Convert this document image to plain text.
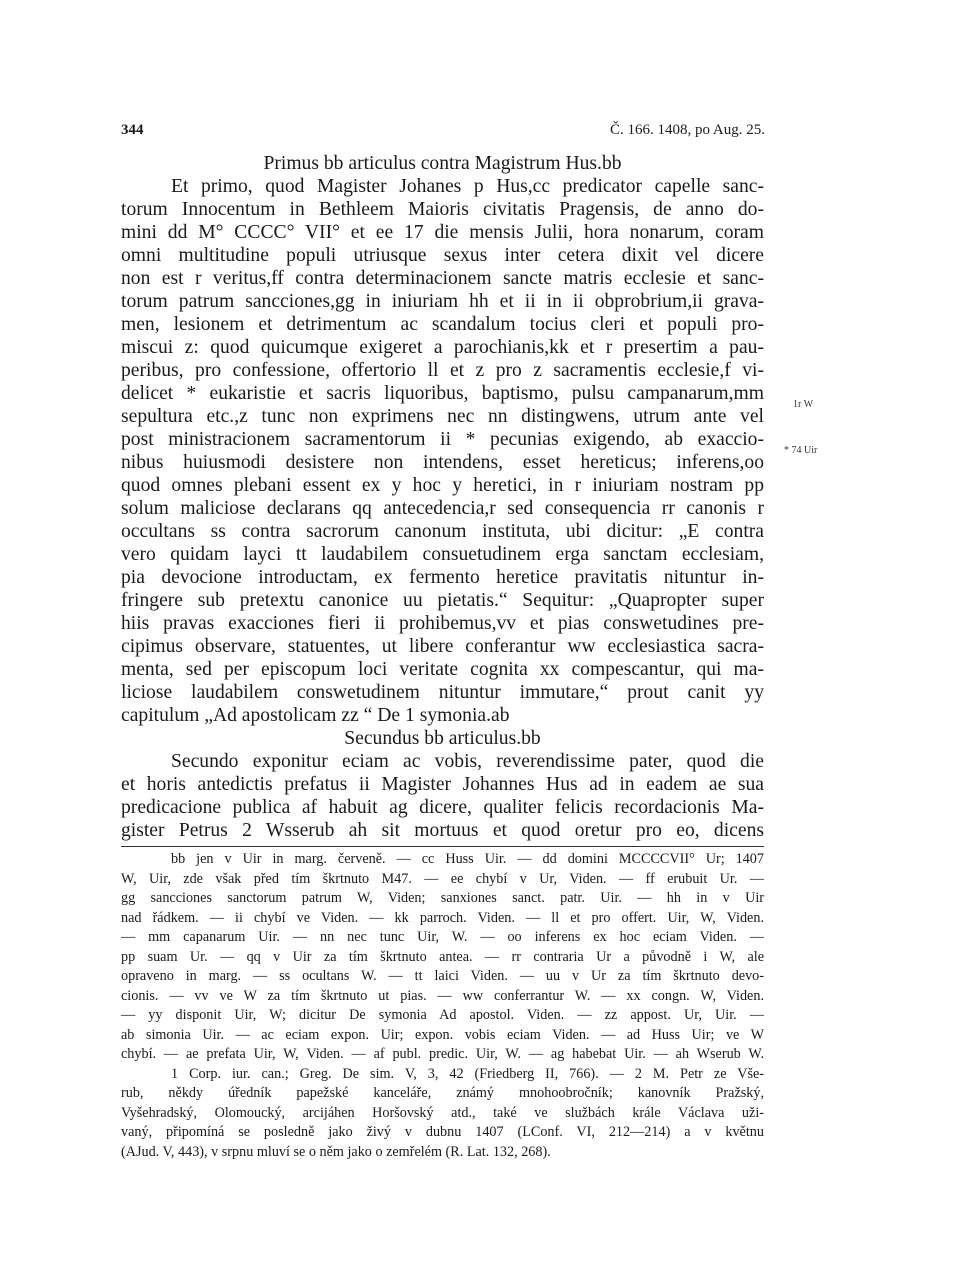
344	Č. 166. 1408, po Aug. 25.
Primus bb articulus contra Magistrum Hus.bb
Et primo, quod Magister Johanes p Hus,cc predicator capelle sanc-
torum Innocentum in Bethleem Maioris civitatis Pragensis, de anno do-
mini dd M° CCCC° VII° et ee 17 die mensis Julii, hora nonarum, coram
omni multitudine populi utriusque sexus inter cetera dixit vel dicere
non est r veritus,ff contra determinacionem sancte matris ecclesie et sanc-
torum patrum sancciones,gg in iniuriam hh et ii in ii obprobrium,ii grava-
men, lesionem et detrimentum ac scandalum tocius cleri et populi pro-
miscui z: quod quicumque exigeret a parochianis,kk et r presertim a pau-
peribus, pro confessione, offertorio ll et z pro z sacramentis ecclesie,f vi-
delicet * eukaristie et sacris liquoribus, baptismo, pulsu campanarum,mm
sepultura etc.,z tunc non exprimens nec nn distingwens, utrum ante vel
post ministracionem sacramentorum ii * pecunias exigendo, ab exaccio-
nibus huiusmodi desistere non intendens, esset hereticus; inferens,oo
quod omnes plebani essent ex y hoc y heretici, in r iniuriam nostram pp
solum maliciose declarans qq antecedencia,r sed consequencia rr canonis r
occultans ss contra sacrorum canonum instituta, ubi dicitur: „E contra
vero quidam layci tt laudabilem consuetudinem erga sanctam ecclesiam,
pia devocione introductam, ex fermento heretice pravitatis nituntur in-
fringere sub pretextu canonice uu pietatis.“ Sequitur: „Quapropter super
hiis pravas exacciones fieri ii prohibemus,vv et pias conswetudines pre-
cipimus observare, statuentes, ut libere conferantur ww ecclesiastica sacra-
menta, sed per episcopum loci veritate cognita xx compescantur, qui ma-
liciose laudabilem conswetudinem nituntur immutare,“ prout canit yy
capitulum „Ad apostolicam zz “ De 1 symonia.ab
Secundus bb articulus.bb
Secundo exponitur eciam ac vobis, reverendissime pater, quod die
et horis antedictis prefatus ii Magister Johannes Hus ad in eadem ae sua
predicacione publica af habuit ag dicere, qualiter felicis recordacionis Ma-
gister Petrus 2 Wsserub ah sit mortuus et quod oretur pro eo, dicens
1r W
* 74 Uir
bb jen v Uir in marg. červeně. — cc Huss Uir. — dd domini MCCCCVII° Ur; 1407
W, Uir, zde však před tím škrtnuto M47. — ee chybí v Ur, Viden. — ff erubuit Ur. —
gg sancciones sanctorum patrum W, Viden; sanxiones sanct. patr. Uir. — hh in v Uir
nad řádkem. — ii chybí ve Viden. — kk parroch. Viden. — ll et pro offert. Uir, W, Viden.
— mm capanarum Uir. — nn nec tunc Uir, W. — oo inferens ex hoc eciam Viden. —
pp suam Ur. — qq v Uir za tím škrtnuto antea. — rr contraria Ur a původně i W, ale
opraveno in marg. — ss ocultans W. — tt laici Viden. — uu v Ur za tím škrtnuto devo-
cionis. — vv ve W za tím škrtnuto ut pias. — ww conferrantur W. — xx congn. W, Viden.
— yy disponit Uir, W; dicitur De symonia Ad apostol. Viden. — zz appost. Ur, Uir. —
ab simonia Uir. — ac eciam expon. Uir; expon. vobis eciam Viden. — ad Huss Uir; ve W
chybí. — ae prefata Uir, W, Viden. — af publ. predic. Uir, W. — ag habebat Uir. — ah Wserub W.
1 Corp. iur. can.; Greg. De sim. V, 3, 42 (Friedberg II, 766). — 2 M. Petr ze Vše-
rub, někdy úředník papežské kanceláře, známý mnohoobročník; kanovník Pražský,
Vyšehradský, Olomoucký, arcijáhen Horšovský atd., také ve službách krále Václava uži-
vaný, připomíná se posledně jako živý v dubnu 1407 (LConf. VI, 212—214) a v květnu
(AJud. V, 443), v srpnu mluví se o něm jako o zemřelém (R. Lat. 132, 268).
